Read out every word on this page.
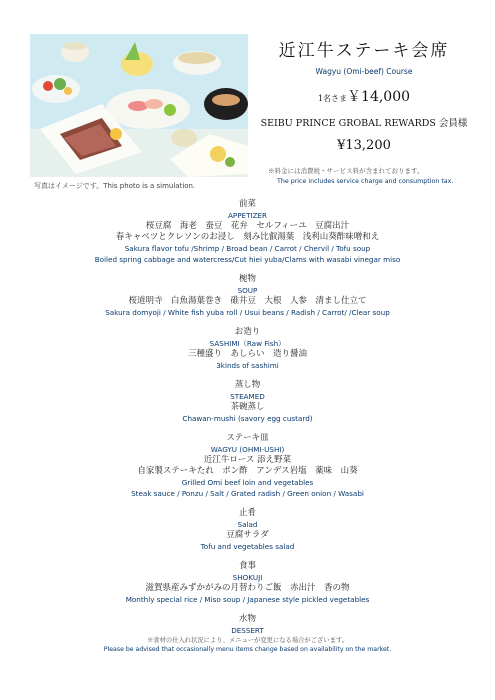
写真はイメージです。This photo is a simulation.
近江牛ステーキ会席
Wagyu (Omi-beef) Course
1名さま￥14,000
SEIBU PRINCE GROBAL REWARDS 会員様
¥13,200
※料金には消費税・サービス料が含まれております。
The price includes service charge and consumption tax.
前菜
APPETIZER
桜豆腐　海老　蚕豆　花弁　セルフィーユ　豆腐出汁
春キャベツとクレソンのお浸し　刻み比叡湯葉　浅利山葵酢味噌和え
Sakura flavor tofu /Shrimp / Broad bean / Carrot / Chervil / Tofu soup
Boiled spring cabbage and watercress/Cut hiei yuba/Clams with wasabi vinegar miso
椀物
SOUP
桜道明寺　白魚湯葉巻き　碓井豆　大根　人参　清まし仕立て
Sakura domyoji / White fish yuba roll / Usui beans / Radish / Carrot/ /Clear soup
お造り
SASHIMI（Raw Fish）
三種盛り　あしらい　造り醤油
3kinds of sashimi
蒸し物
STEAMED
茶碗蒸し
Chawan-mushi (savory egg custard)
ステーキ皿
WAGYU (OHMI-USHI)
近江牛ロース 添え野菜
自家製ステーキたれ　ポン酢　アンデス岩塩　薬味　山葵
Grilled Omi beef loin and vegetables
Steak sauce / Ponzu / Salt / Grated radish / Green onion / Wasabi
止肴
Salad
豆腐サラダ
Tofu and vegetables salad
食事
SHOKUJI
滋賀県産みずかがみの月替わりご飯　赤出汁　香の物
Monthly special rice / Miso soup / Japanese style pickled vegetables
水物
DESSERT
※食材の仕入れ状況により、メニューが変更になる場合がございます。
Please be advised that occasionally menu items change based on availability on the market.
